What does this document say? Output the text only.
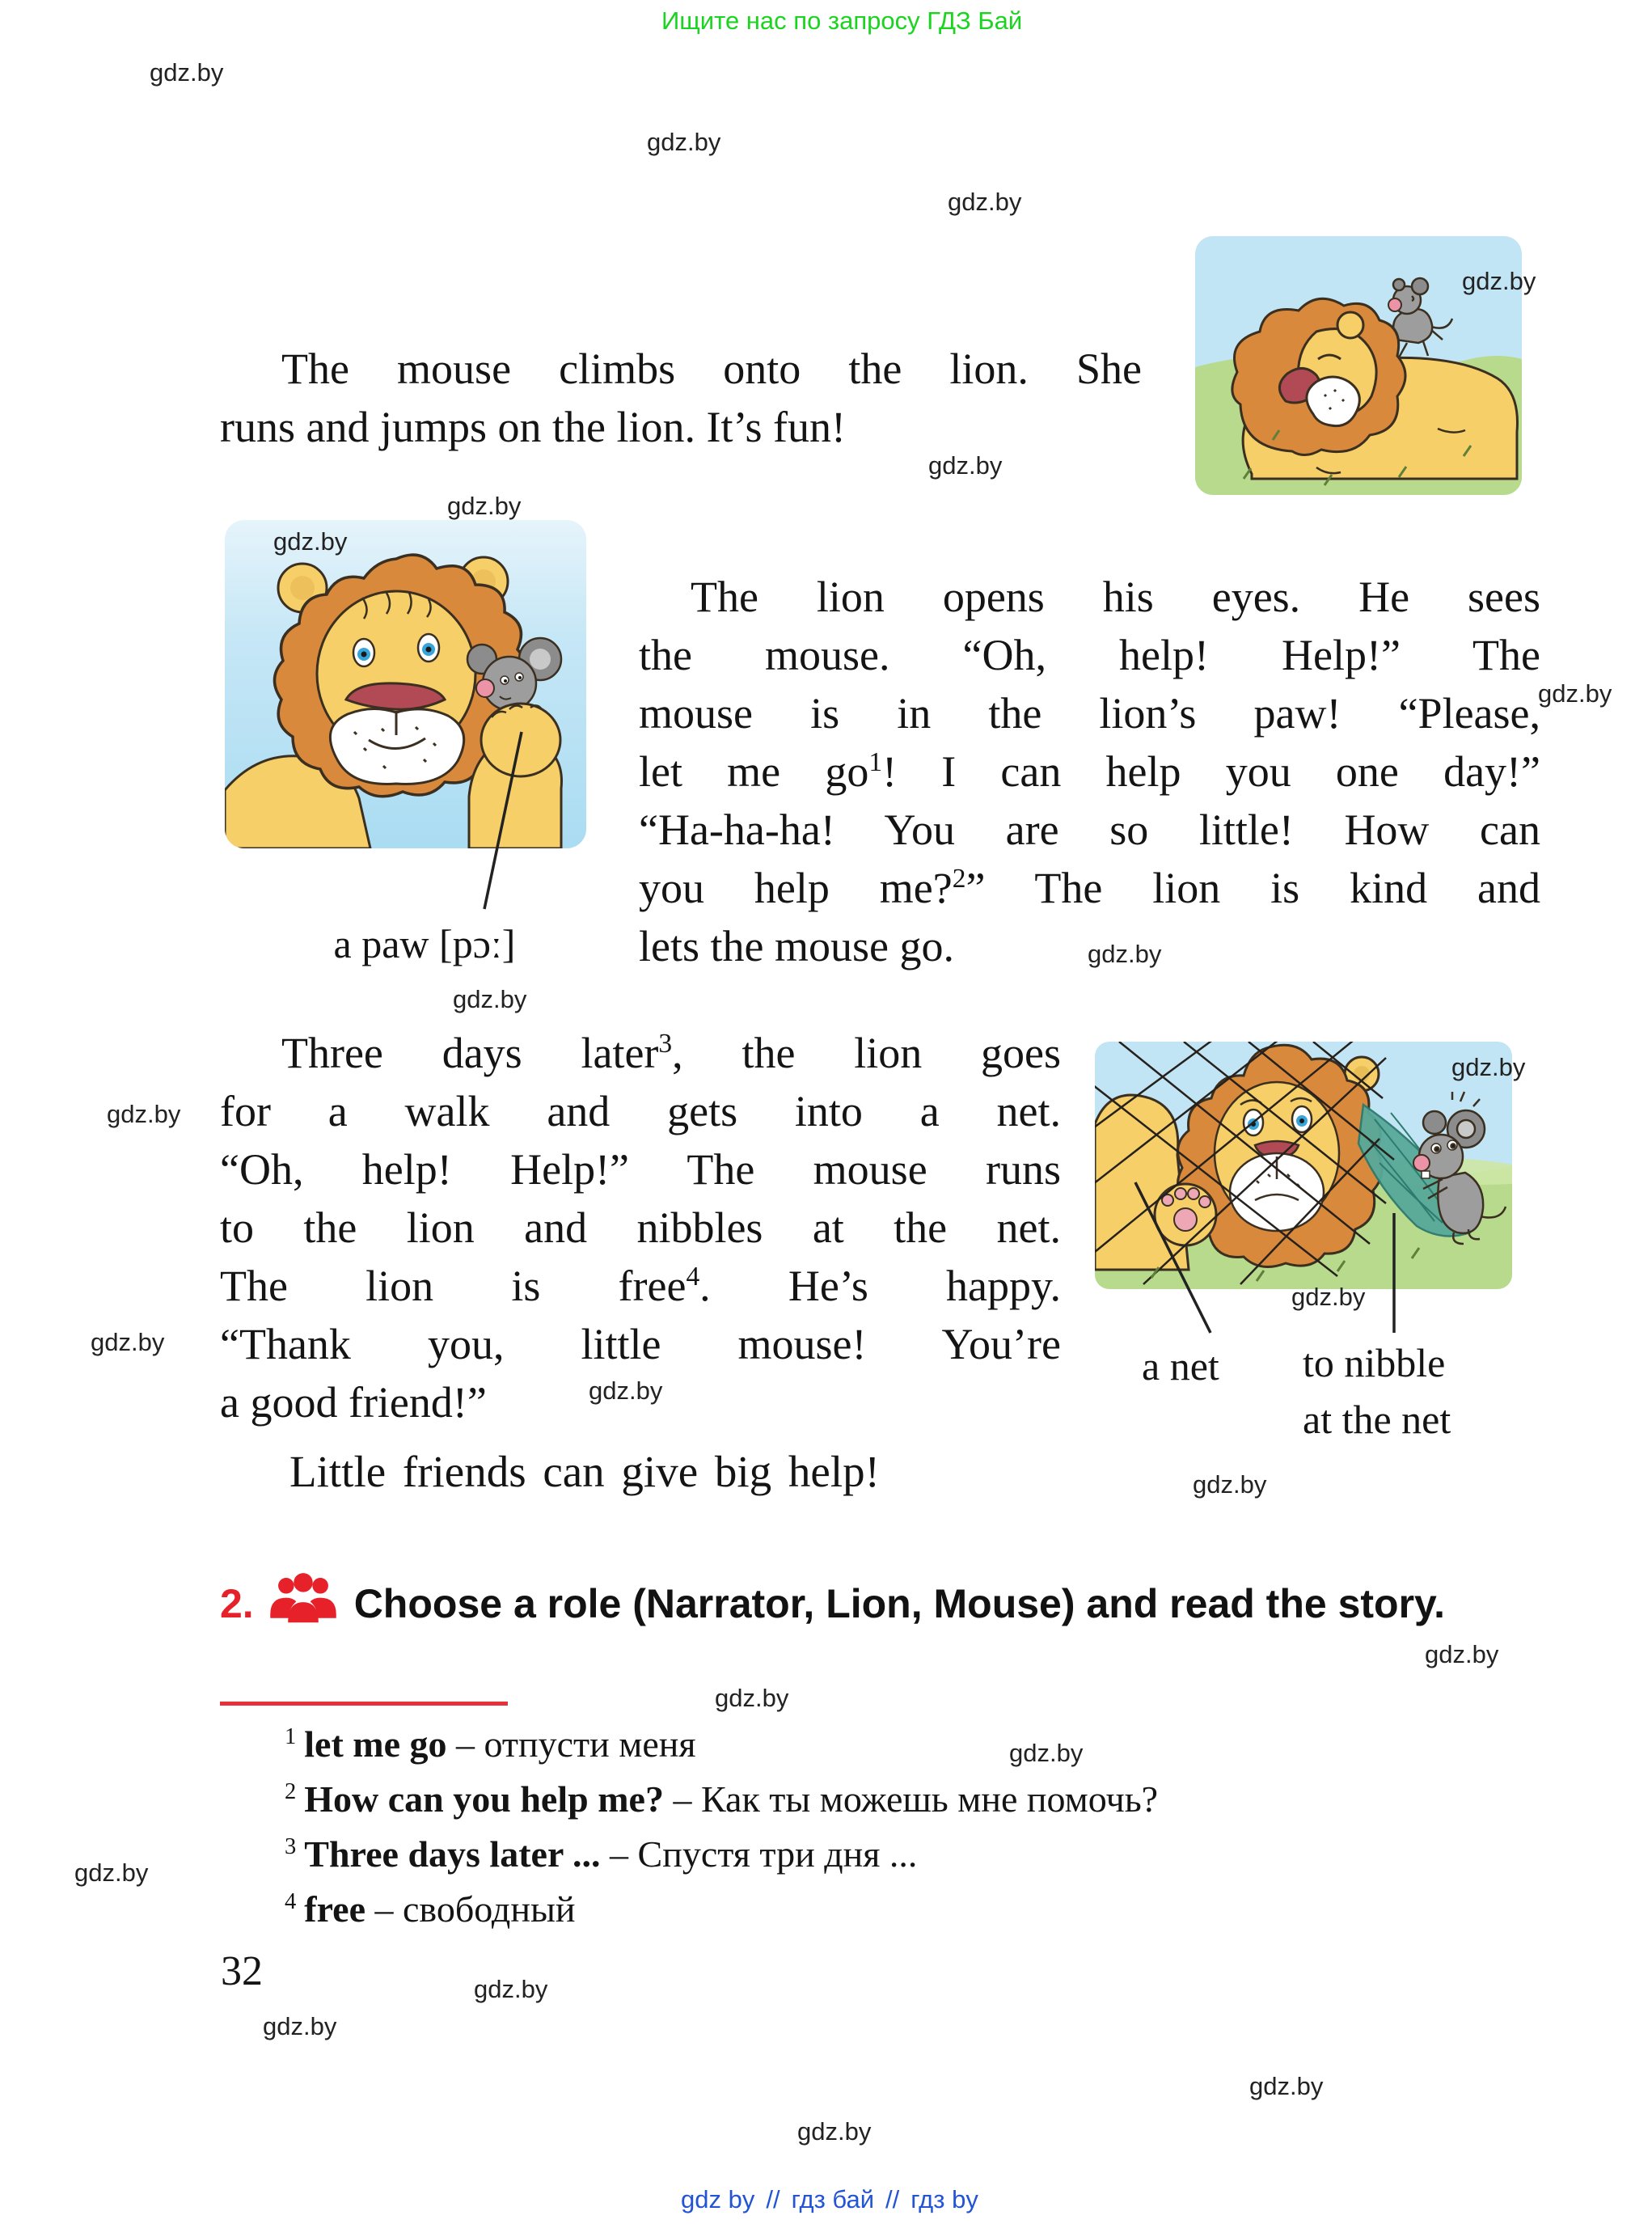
Ищите нас по запросу ГДЗ Бай
gdz.by
gdz.by
gdz.by
gdz.by
gdz.by
gdz.by
gdz.by
gdz.by
gdz.by
gdz.by
gdz.by
gdz.by
gdz.by
gdz.by
gdz.by
gdz.by
gdz.by
gdz.by
gdz.by
gdz.by
gdz.by
gdz.by
gdz.by
gdz.by
The mouse climbs onto the lion. She
runs and jumps on the lion. It’s fun!
a paw [pɔː]
The lion opens his eyes. He sees
the mouse. “Oh, help! Help!” The
mouse is in the lion’s paw! “Please,
let me go$^1$! I can help you one day!”
“Ha-ha-ha! You are so little! How can
you help me?$^2$” The lion is kind and
lets the mouse go.
Three days later$^3$, the lion goes
for a walk and gets into a net.
“Oh, help! Help!” The mouse runs
to the lion and nibbles at the net.
The lion is free$^4$. He’s happy.
“Thank you, little mouse! You’re
a good friend!”
Little friends can give big help!
a net to nibble
at the net
2. Choose a role (Narrator, Lion, Mouse) and read the story.
$^1$ let me go – отпусти меня
$^2$ How can you help me? – Как ты можешь мне помочь?
$^3$ Three days later ... – Спустя три дня ...
$^4$ free – свободный
32
gdz by // гдз бай // гдз by
